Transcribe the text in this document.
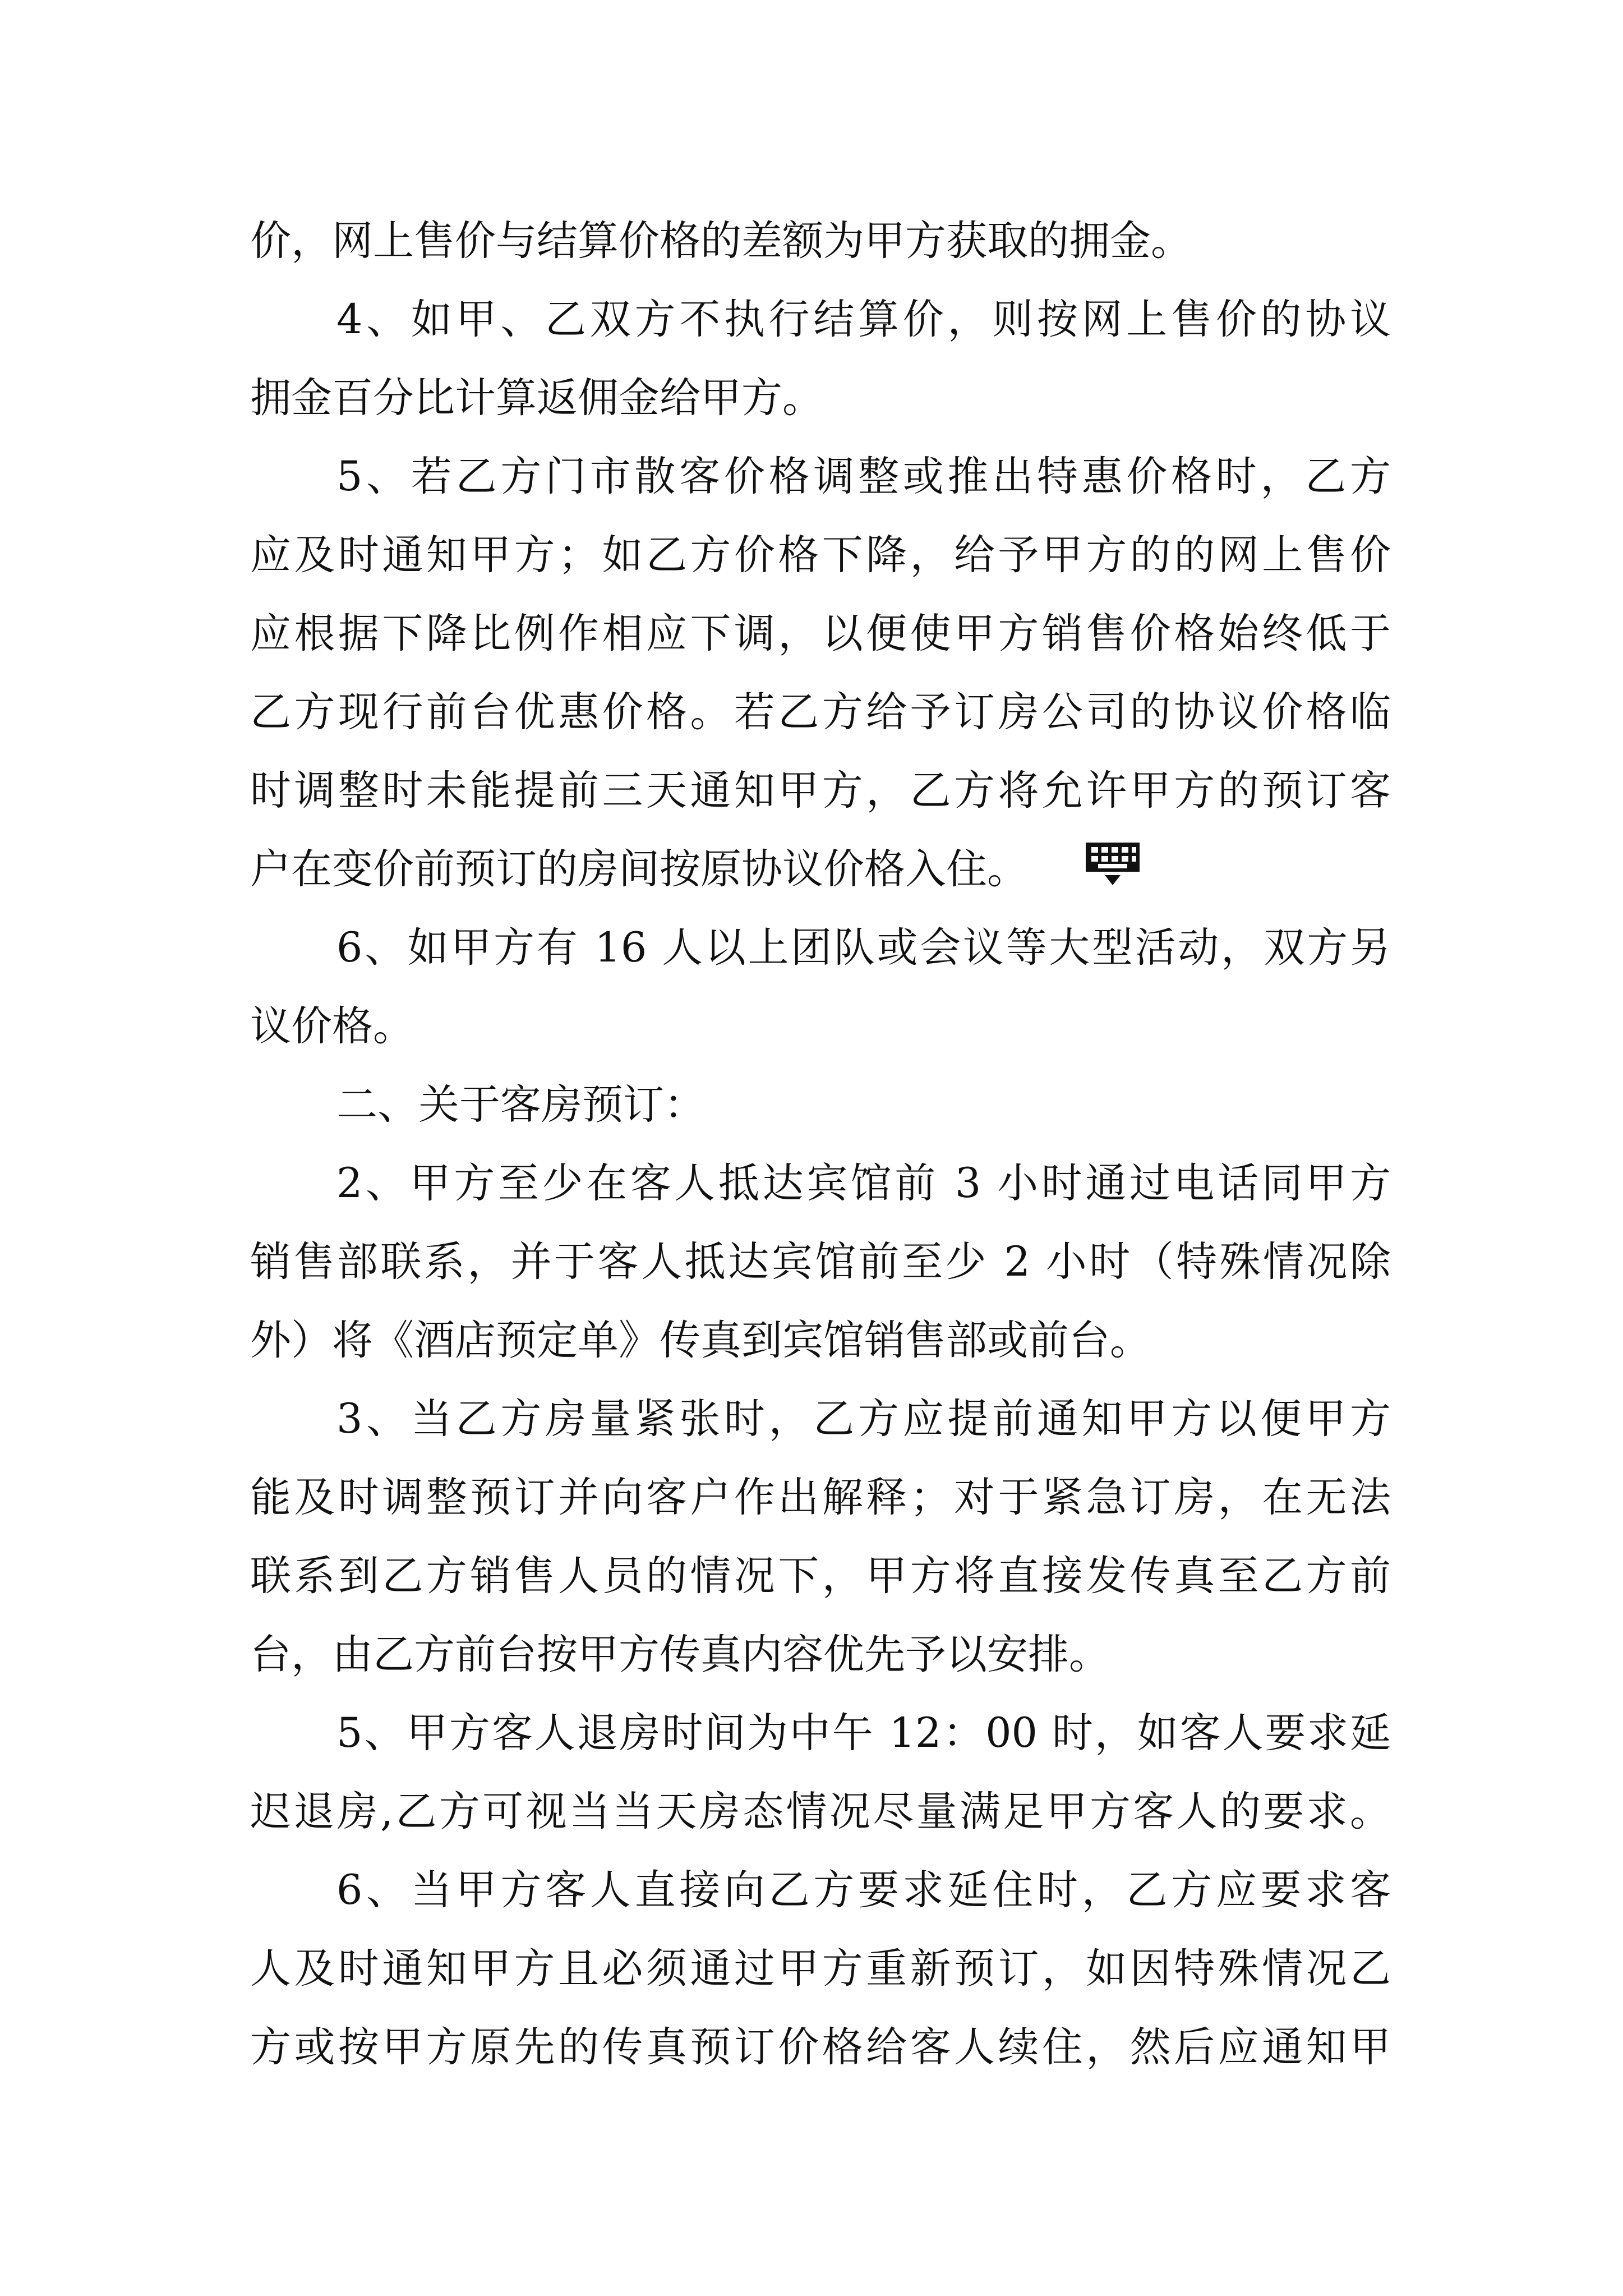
价，网上售价与结算价格的差额为甲方获取的拥金。
4、如甲、乙双方不执行结算价，则按网上售价的协议
拥金百分比计算返佣金给甲方。
5、若乙方门市散客价格调整或推出特惠价格时，乙方
应及时通知甲方；如乙方价格下降，给予甲方的的网上售价
应根据下降比例作相应下调，以便使甲方销售价格始终低于
乙方现行前台优惠价格。若乙方给予订房公司的协议价格临
时调整时未能提前三天通知甲方，乙方将允许甲方的预订客
户在变价前预订的房间按原协议价格入住。
6、如甲方有 16 人以上团队或会议等大型活动，双方另
议价格。
二、关于客房预订：
2、甲方至少在客人抵达宾馆前 3 小时通过电话同甲方
销售部联系，并于客人抵达宾馆前至少 2 小时（特殊情况除
外）将《酒店预定单》传真到宾馆销售部或前台。
3、当乙方房量紧张时，乙方应提前通知甲方以便甲方
能及时调整预订并向客户作出解释；对于紧急订房，在无法
联系到乙方销售人员的情况下，甲方将直接发传真至乙方前
台，由乙方前台按甲方传真内容优先予以安排。
5、甲方客人退房时间为中午 12：00 时，如客人要求延
迟退房,乙方可视当当天房态情况尽量满足甲方客人的要求。
6、当甲方客人直接向乙方要求延住时，乙方应要求客
人及时通知甲方且必须通过甲方重新预订，如因特殊情况乙
方或按甲方原先的传真预订价格给客人续住，然后应通知甲
